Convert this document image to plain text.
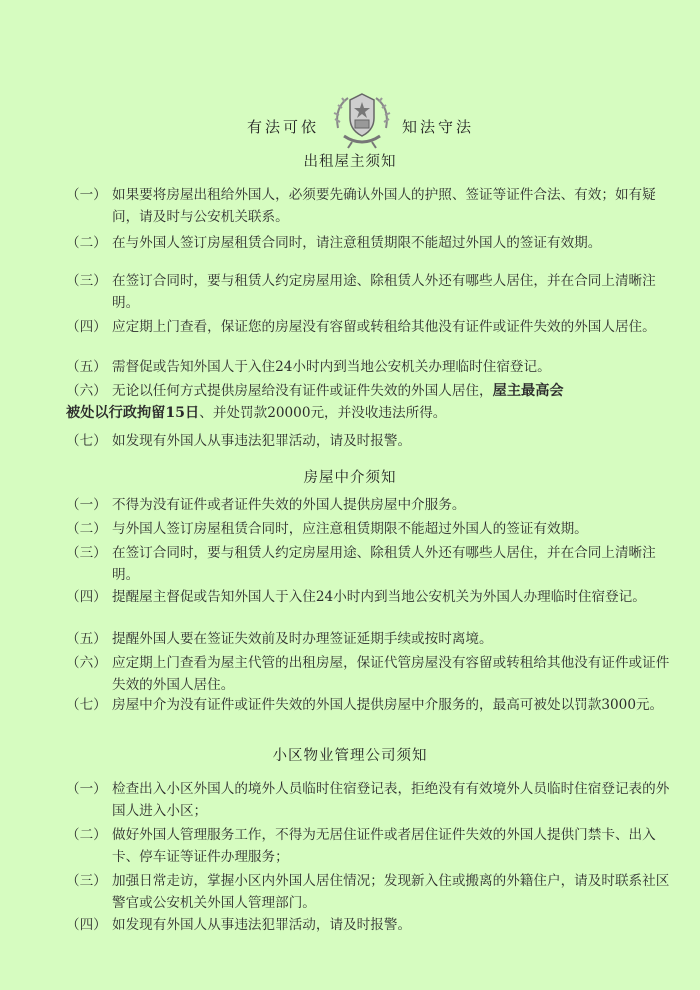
有法可依	知法守法
出租屋主须知
（一） 如果要将房屋出租给外国人，必须要先确认外国人的护照、签证等证件合法、有效；如有疑问，请及时与公安机关联系。
（二） 在与外国人签订房屋租赁合同时，请注意租赁期限不能超过外国人的签证有效期。
（三） 在签订合同时，要与租赁人约定房屋用途、除租赁人外还有哪些人居住，并在合同上清晰注明。
（四） 应定期上门查看，保证您的房屋没有容留或转租给其他没有证件或证件失效的外国人居住。
（五） 需督促或告知外国人于入住24小时内到当地公安机关办理临时住宿登记。
（六） 无论以任何方式提供房屋给没有证件或证件失效的外国人居住，屋主最高会
被处以行政拘留15日、并处罚款20000元，并没收违法所得。
（七） 如发现有外国人从事违法犯罪活动，请及时报警。
房屋中介须知
（一） 不得为没有证件或者证件失效的外国人提供房屋中介服务。
（二） 与外国人签订房屋租赁合同时，应注意租赁期限不能超过外国人的签证有效期。
（三） 在签订合同时，要与租赁人约定房屋用途、除租赁人外还有哪些人居住，并在合同上清晰注明。
（四） 提醒屋主督促或告知外国人于入住24小时内到当地公安机关为外国人办理临时住宿登记。
（五） 提醒外国人要在签证失效前及时办理签证延期手续或按时离境。
（六） 应定期上门查看为屋主代管的出租房屋，保证代管房屋没有容留或转租给其他没有证件或证件失效的外国人居住。
（七） 房屋中介为没有证件或证件失效的外国人提供房屋中介服务的，最高可被处以罚款3000元。
小区物业管理公司须知
（一） 检查出入小区外国人的境外人员临时住宿登记表，拒绝没有有效境外人员临时住宿登记表的外国人进入小区；
（二） 做好外国人管理服务工作，不得为无居住证件或者居住证件失效的外国人提供门禁卡、出入卡、停车证等证件办理服务；
（三） 加强日常走访，掌握小区内外国人居住情况；发现新入住或搬离的外籍住户，请及时联系社区警官或公安机关外国人管理部门。
（四） 如发现有外国人从事违法犯罪活动，请及时报警。
